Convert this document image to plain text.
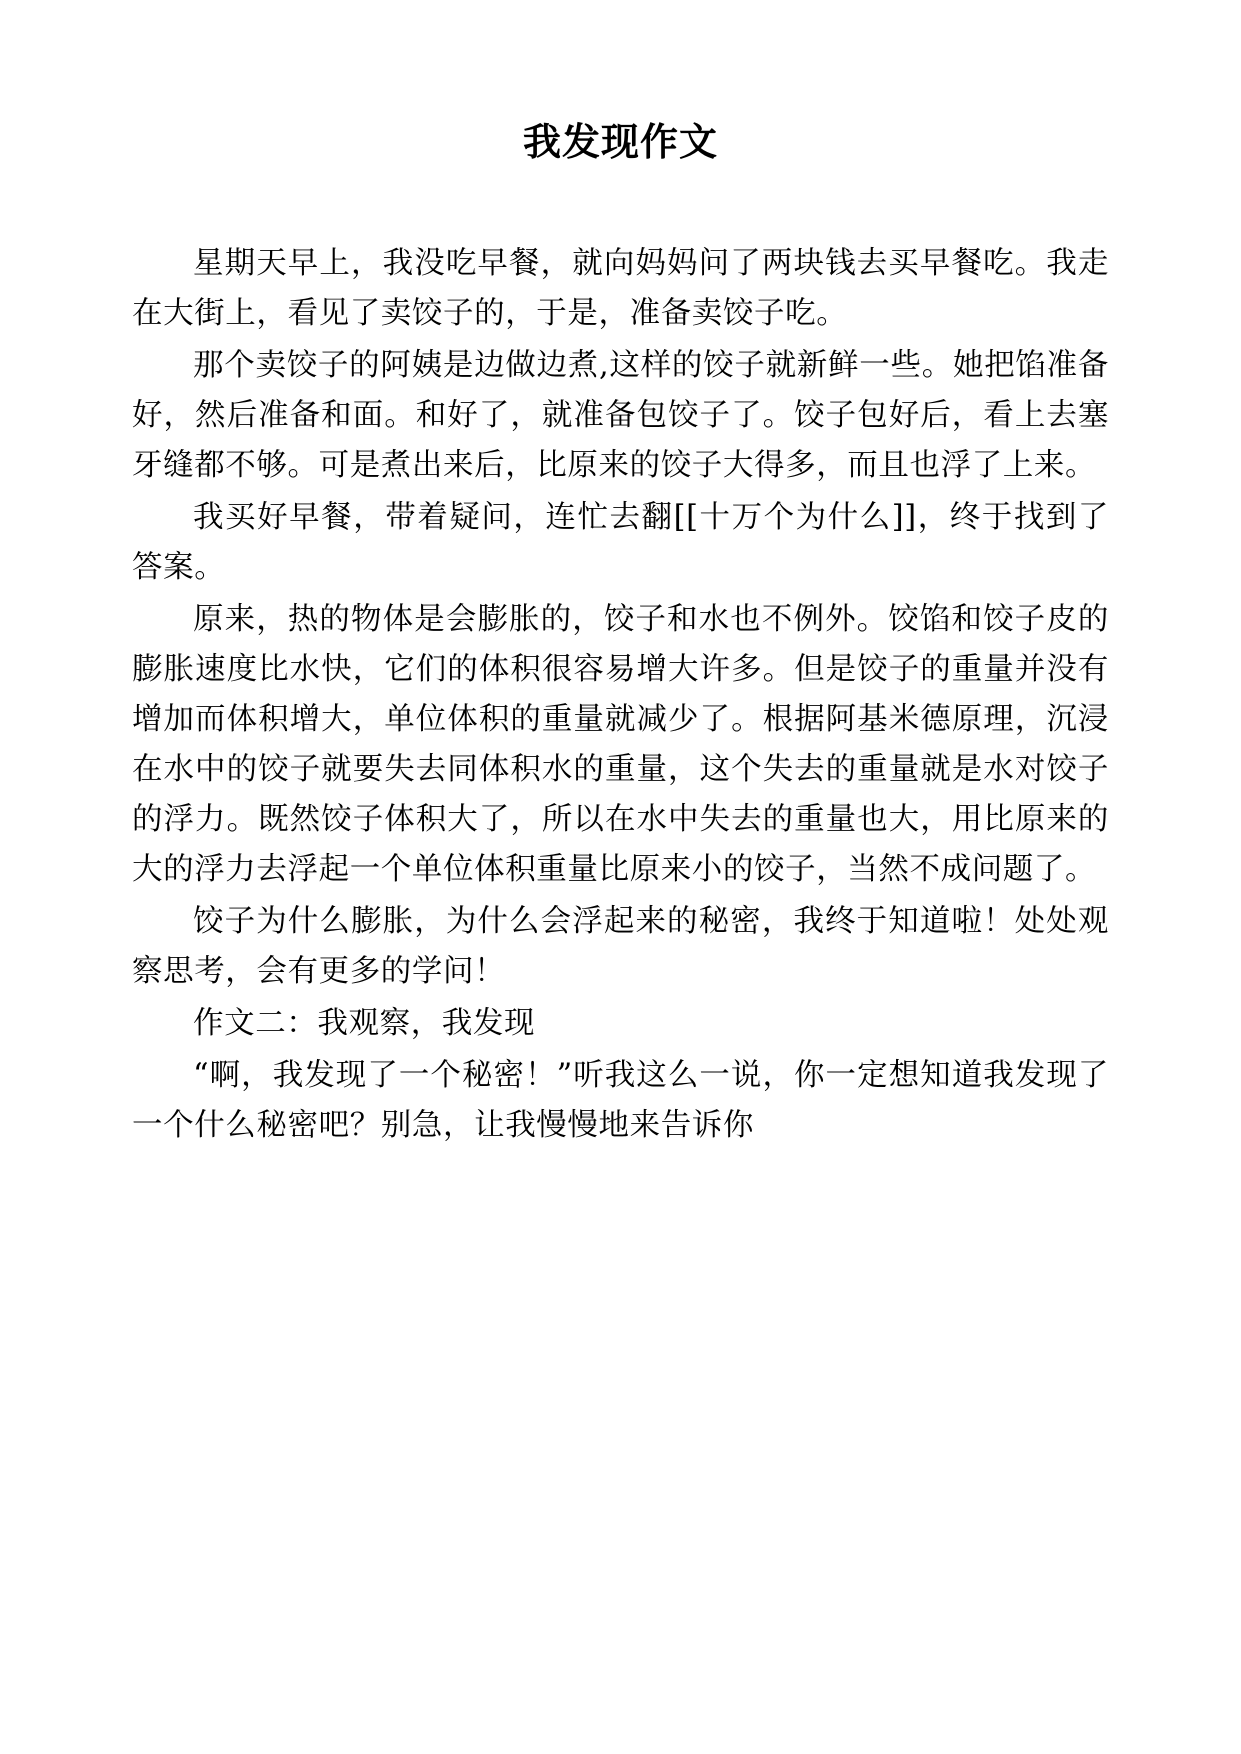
我发现作文

星期天早上，我没吃早餐，就向妈妈问了两块钱去买早餐吃。我走在大街上，看见了卖饺子的，于是，准备卖饺子吃。

那个卖饺子的阿姨是边做边煮,这样的饺子就新鲜一些。她把馅准备好，然后准备和面。和好了，就准备包饺子了。饺子包好后，看上去塞牙缝都不够。可是煮出来后，比原来的饺子大得多，而且也浮了上来。

我买好早餐，带着疑问，连忙去翻[[十万个为什么]]，终于找到了答案。

原来，热的物体是会膨胀的，饺子和水也不例外。饺馅和饺子皮的膨胀速度比水快，它们的体积很容易增大许多。但是饺子的重量并没有增加而体积增大，单位体积的重量就减少了。根据阿基米德原理，沉浸在水中的饺子就要失去同体积水的重量，这个失去的重量就是水对饺子的浮力。既然饺子体积大了，所以在水中失去的重量也大，用比原来的大的浮力去浮起一个单位体积重量比原来小的饺子，当然不成问题了。

饺子为什么膨胀，为什么会浮起来的秘密，我终于知道啦！处处观察思考，会有更多的学问！

作文二：我观察，我发现

“啊，我发现了一个秘密！”听我这么一说，你一定想知道我发现了一个什么秘密吧？别急，让我慢慢地来告诉你
